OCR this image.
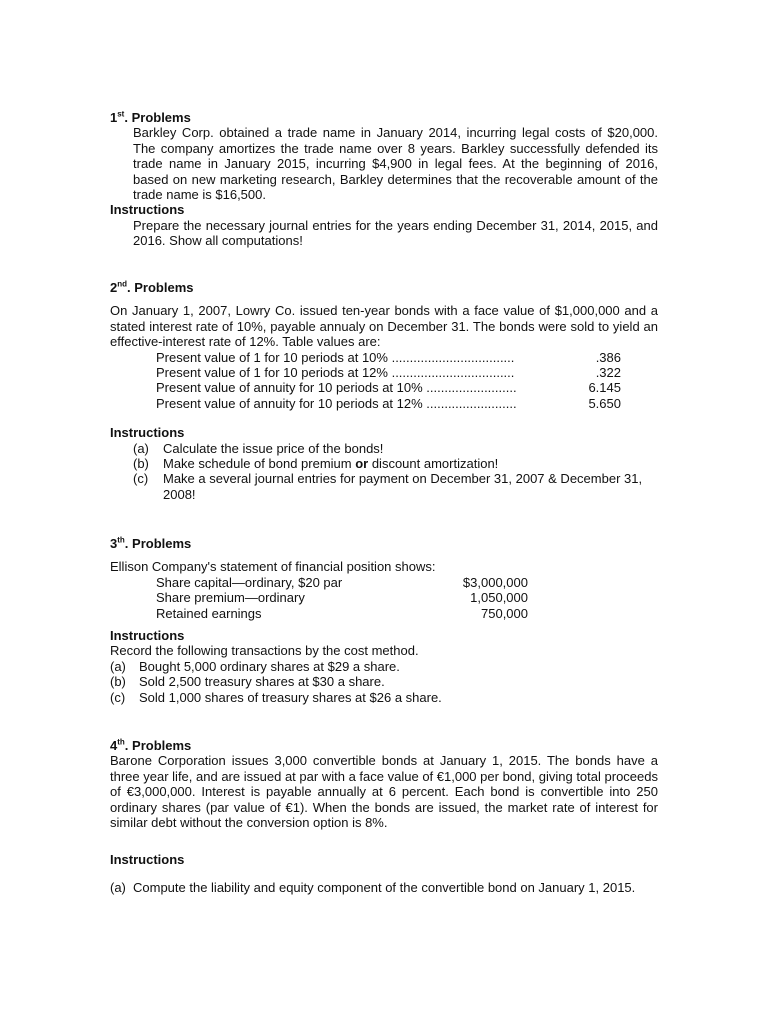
1st. Problems
Barkley Corp. obtained a trade name in January 2014, incurring legal costs of $20,000. The company amortizes the trade name over 8 years. Barkley successfully defended its trade name in January 2015, incurring $4,900 in legal fees. At the beginning of 2016, based on new marketing research, Barkley determines that the recoverable amount of the trade name is $16,500.
Instructions
Prepare the necessary journal entries for the years ending December 31, 2014, 2015, and 2016. Show all computations!
2nd. Problems
On January 1, 2007, Lowry Co. issued ten-year bonds with a face value of $1,000,000 and a stated interest rate of 10%, payable annualy on December 31. The bonds were sold to yield an effective-interest rate of 12%. Table values are:
Present value of 1 for 10 periods at 10% ..................................	.386
Present value of 1 for 10 periods at 12% ..................................	.322
Present value of annuity for 10 periods at 10% .........................	6.145
Present value of annuity for 10 periods at 12% .........................	5.650
Instructions
(a) Calculate the issue price of the bonds!
(b) Make schedule of bond premium or discount amortization!
(c) Make a several journal entries for payment on December 31, 2007 & December 31, 2008!
3th. Problems
Ellison Company's statement of financial position shows:
Share capital—ordinary, $20 par	$3,000,000
Share premium—ordinary	1,050,000
Retained earnings	750,000
Instructions
Record the following transactions by the cost method.
(a) Bought 5,000 ordinary shares at $29 a share.
(b) Sold 2,500 treasury shares at $30 a share.
(c) Sold 1,000 shares of treasury shares at $26 a share.
4th. Problems
Barone Corporation issues 3,000 convertible bonds at January 1, 2015. The bonds have a three year life, and are issued at par with a face value of €1,000 per bond, giving total proceeds of €3,000,000. Interest is payable annually at 6 percent. Each bond is convertible into 250 ordinary shares (par value of €1). When the bonds are issued, the market rate of interest for similar debt without the conversion option is 8%.
Instructions
(a) Compute the liability and equity component of the convertible bond on January 1, 2015.
